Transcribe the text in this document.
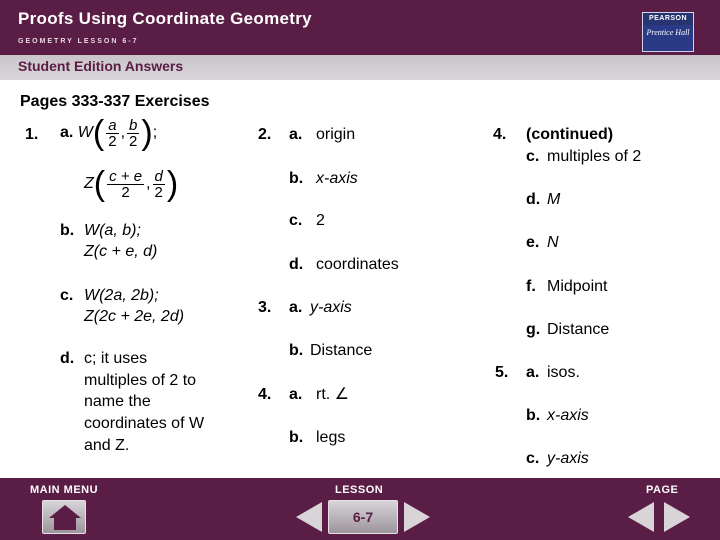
Proofs Using Coordinate Geometry
GEOMETRY LESSON 6-7
PEARSON
Prentice Hall
Student Edition Answers
Pages 333-337 Exercises
1. a. $W( \frac{a}{2}$ , $\frac{b}{2}$ );
$Z( \frac{c + e}{2}$ , $\frac{d}{2}$ )
b. W(a, b);
Z(c + e, d)
c. W(2a, 2b);
Z(2c + 2e, 2d)
d. c; it uses
multiples of 2 to
name the
coordinates of W
and Z.
2. a. origin
b. x-axis
c. 2
d. coordinates
3. a. y-axis
b. Distance
4. a. rt. ∠
b. legs
4. (continued)
c. multiples of 2
d. M
e. N
f. Midpoint
g. Distance
5. a. isos.
b. x-axis
c. y-axis
MAIN MENU	LESSON	PAGE
6-7
